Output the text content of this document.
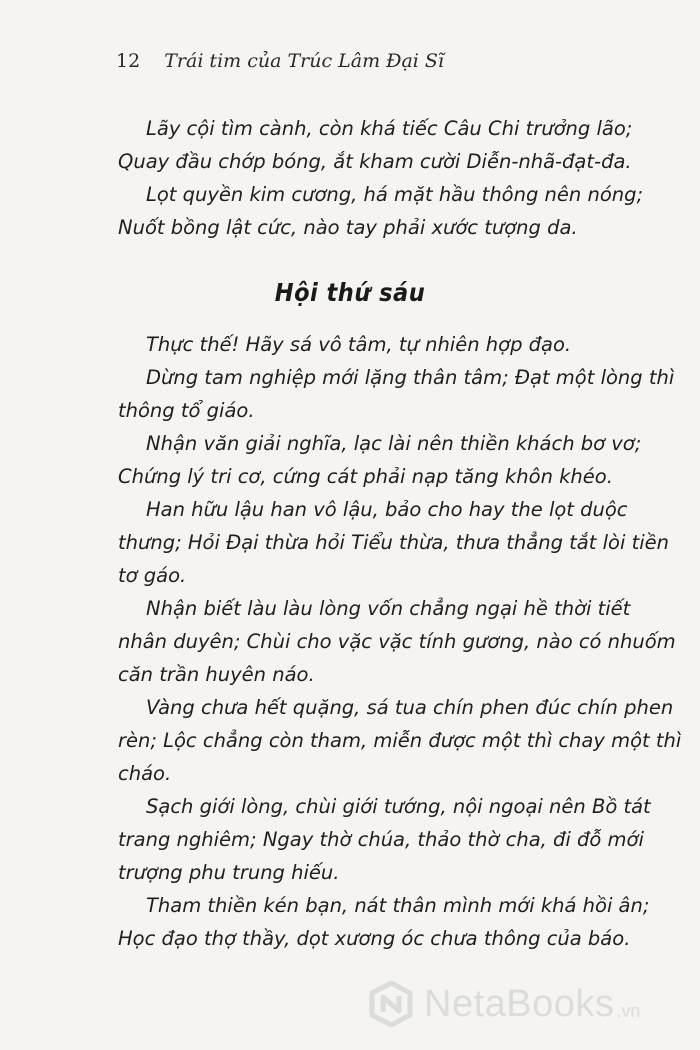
12 Trái tim của Trúc Lâm Đại Sĩ
Lãy cội tìm cành, còn khá tiếc Câu Chi trưởng lão;
Quay đầu chớp bóng, ắt kham cười Diễn-nhã-đạt-đa.
Lọt quyền kim cương, há mặt hầu thông nên nóng;
Nuốt bồng lật cức, nào tay phải xước tượng da.
Hội thứ sáu
Thực thế! Hãy sá vô tâm, tự nhiên hợp đạo.
Dừng tam nghiệp mới lặng thân tâm; Đạt một lòng thì
thông tổ giáo.
Nhận văn giải nghĩa, lạc lài nên thiền khách bơ vơ;
Chứng lý tri cơ, cứng cát phải nạp tăng khôn khéo.
Han hữu lậu han vô lậu, bảo cho hay the lọt duộc
thưng; Hỏi Đại thừa hỏi Tiểu thừa, thưa thẳng tắt lòi tiền
tơ gáo.
Nhận biết làu làu lòng vốn chẳng ngại hề thời tiết
nhân duyên; Chùi cho vặc vặc tính gương, nào có nhuốm
căn trần huyên náo.
Vàng chưa hết quặng, sá tua chín phen đúc chín phen
rèn; Lộc chẳng còn tham, miễn được một thì chay một thì
cháo.
Sạch giới lòng, chùi giới tướng, nội ngoại nên Bồ tát
trang nghiêm; Ngay thờ chúa, thảo thờ cha, đi đỗ mới
trượng phu trung hiếu.
Tham thiền kén bạn, nát thân mình mới khá hồi ân;
Học đạo thợ thầy, dọt xương óc chưa thông của báo.
NetaBooks .vn
